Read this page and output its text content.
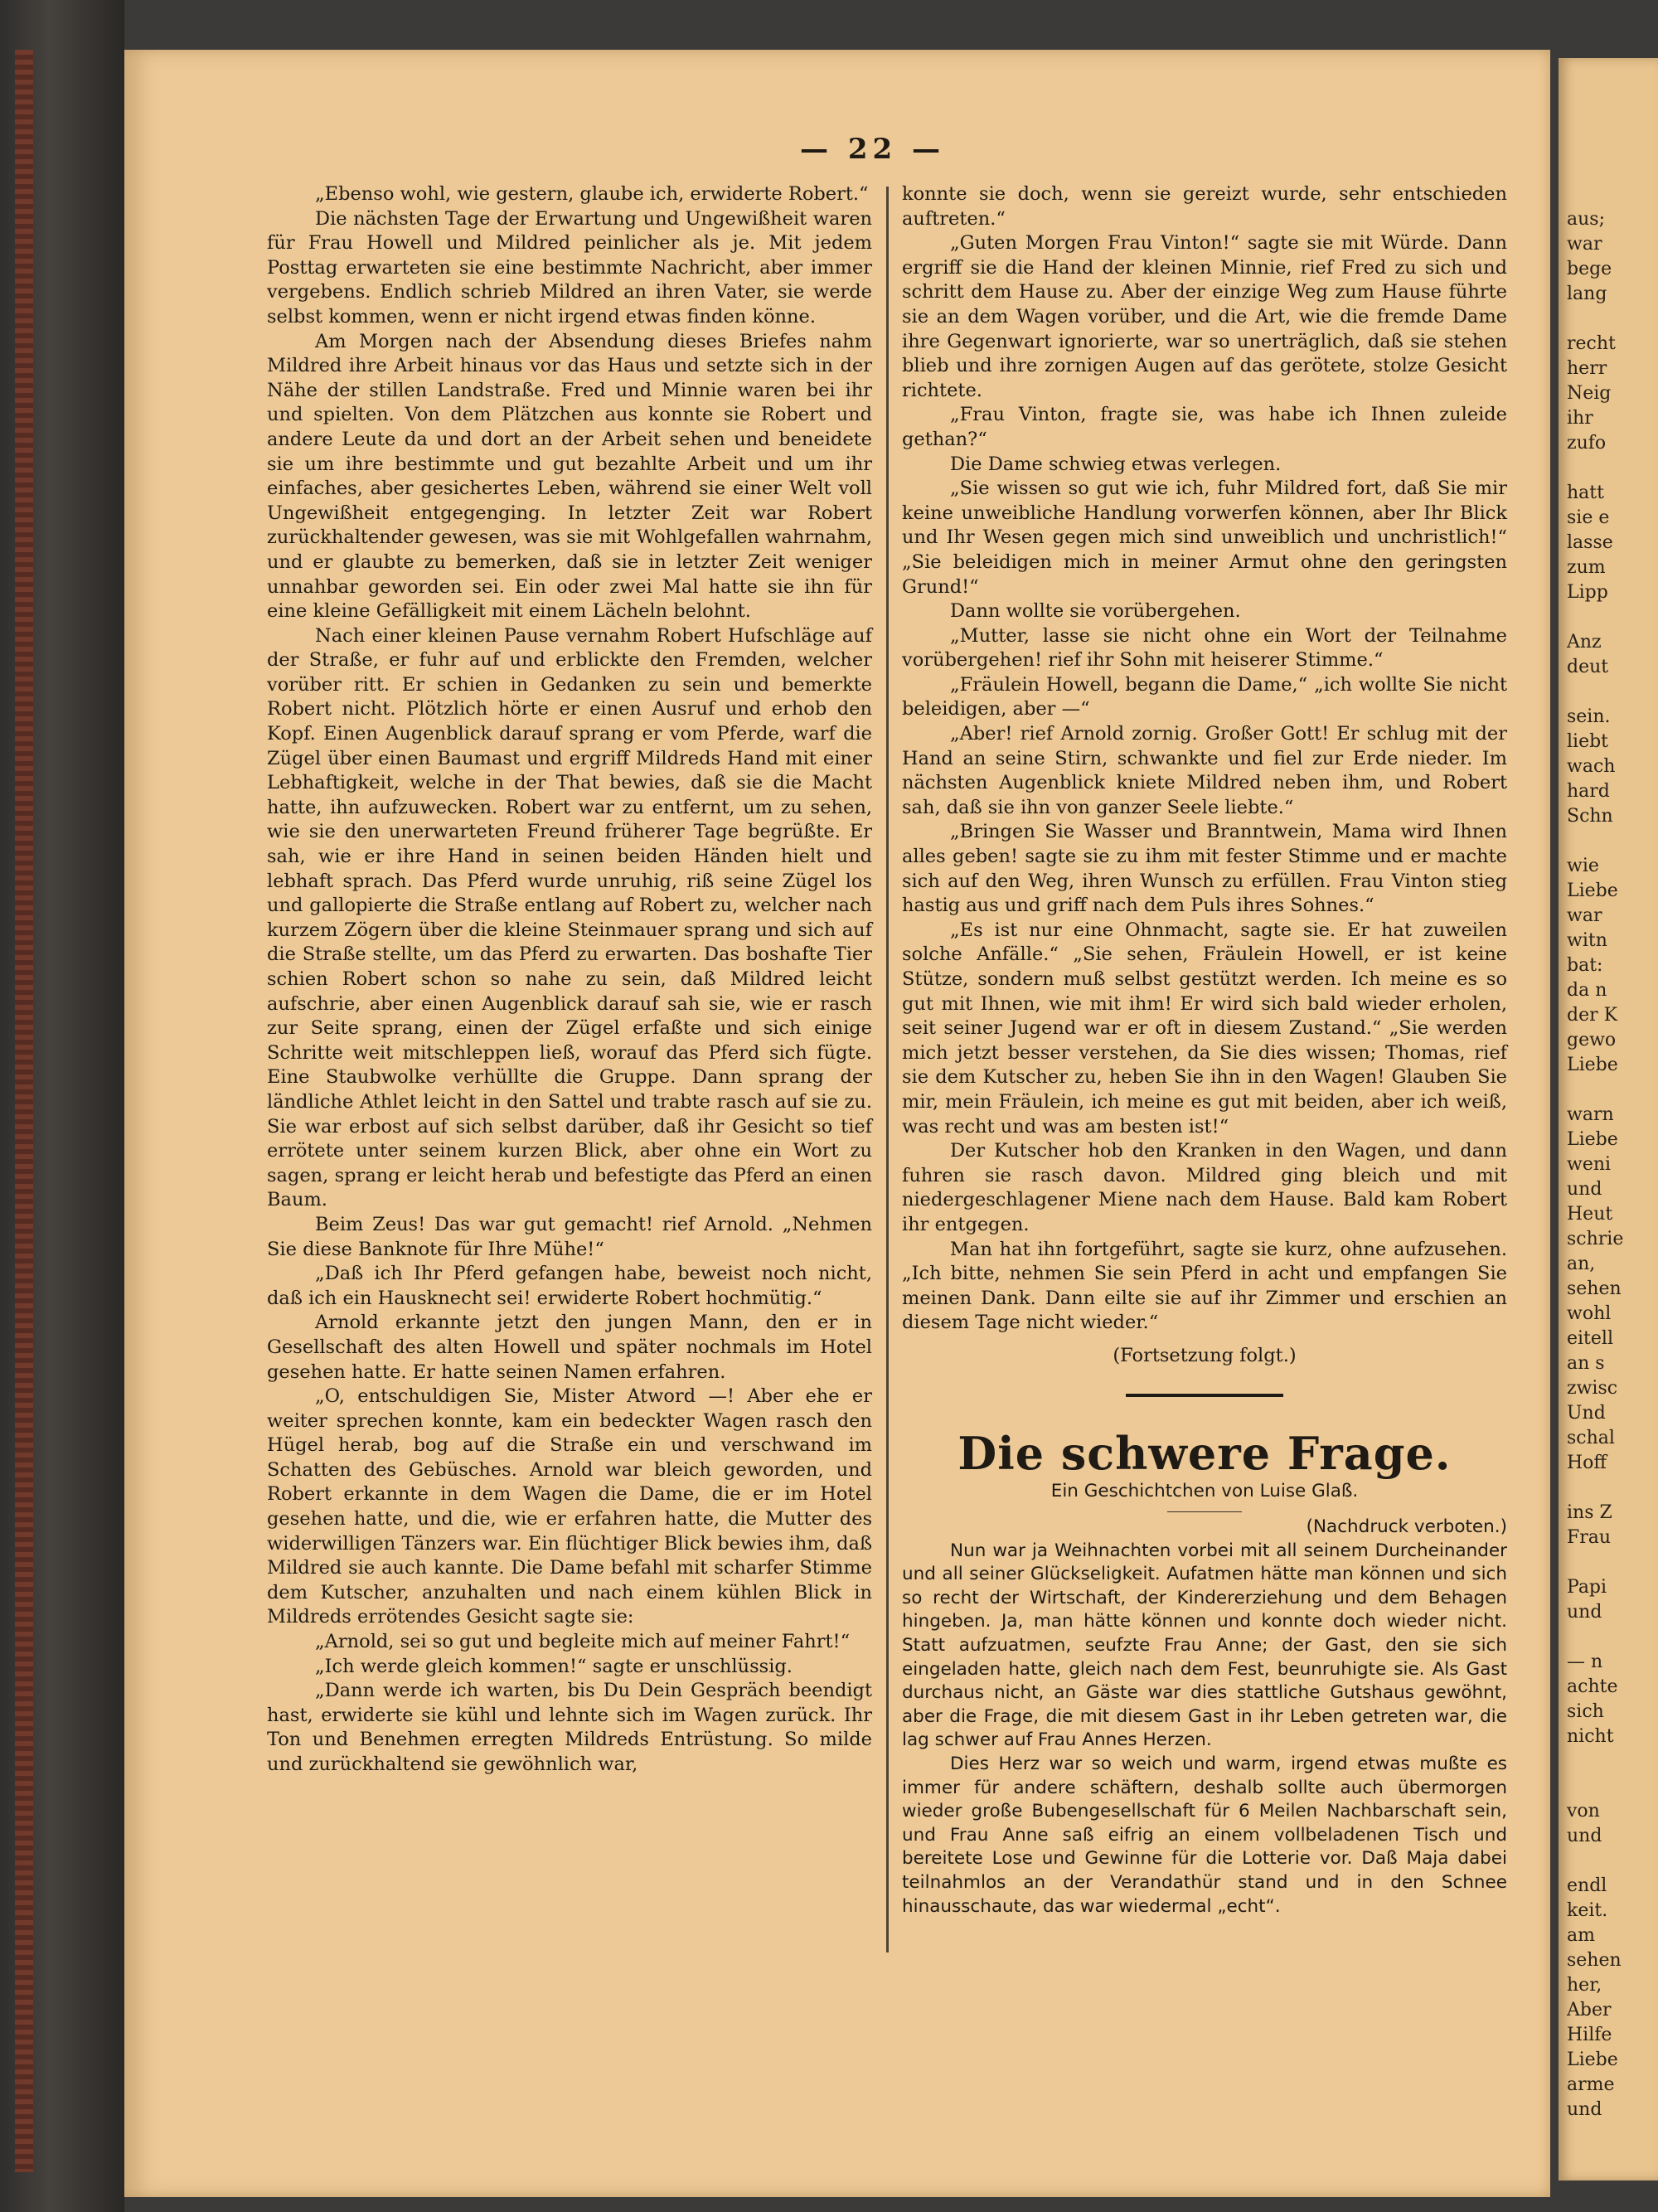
— 22 —

„Ebenso wohl, wie gestern, glaube ich, erwiderte Robert.“

Die nächsten Tage der Erwartung und Ungewißheit waren für Frau Howell und Mildred peinlicher als je. Mit jedem Posttag erwarteten sie eine bestimmte Nachricht, aber immer vergebens. Endlich schrieb Mildred an ihren Vater, sie werde selbst kommen, wenn er nicht irgend etwas finden könne.

Am Morgen nach der Absendung dieses Briefes nahm Mildred ihre Arbeit hinaus vor das Haus und setzte sich in der Nähe der stillen Landstraße. Fred und Minnie waren bei ihr und spielten. Von dem Plätzchen aus konnte sie Robert und andere Leute da und dort an der Arbeit sehen und beneidete sie um ihre bestimmte und gut bezahlte Arbeit und um ihr einfaches, aber gesichertes Leben, während sie einer Welt voll Ungewißheit entgegenging. In letzter Zeit war Robert zurückhaltender gewesen, was sie mit Wohlgefallen wahrnahm, und er glaubte zu bemerken, daß sie in letzter Zeit weniger unnahbar geworden sei. Ein oder zwei Mal hatte sie ihn für eine kleine Gefälligkeit mit einem Lächeln belohnt.

Nach einer kleinen Pause vernahm Robert Hufschläge auf der Straße, er fuhr auf und erblickte den Fremden, welcher vorüber ritt. Er schien in Gedanken zu sein und bemerkte Robert nicht. Plötzlich hörte er einen Ausruf und erhob den Kopf. Einen Augenblick darauf sprang er vom Pferde, warf die Zügel über einen Baumast und ergriff Mildreds Hand mit einer Lebhaftigkeit, welche in der That bewies, daß sie die Macht hatte, ihn aufzuwecken. Robert war zu entfernt, um zu sehen, wie sie den unerwarteten Freund früherer Tage begrüßte. Er sah, wie er ihre Hand in seinen beiden Händen hielt und lebhaft sprach. Das Pferd wurde unruhig, riß seine Zügel los und gallopierte die Straße entlang auf Robert zu, welcher nach kurzem Zögern über die kleine Steinmauer sprang und sich auf die Straße stellte, um das Pferd zu erwarten. Das boshafte Tier schien Robert schon so nahe zu sein, daß Mildred leicht aufschrie, aber einen Augenblick darauf sah sie, wie er rasch zur Seite sprang, einen der Zügel erfaßte und sich einige Schritte weit mitschleppen ließ, worauf das Pferd sich fügte. Eine Staubwolke verhüllte die Gruppe. Dann sprang der ländliche Athlet leicht in den Sattel und trabte rasch auf sie zu. Sie war erbost auf sich selbst darüber, daß ihr Gesicht so tief errötete unter seinem kurzen Blick, aber ohne ein Wort zu sagen, sprang er leicht herab und befestigte das Pferd an einen Baum.

Beim Zeus! Das war gut gemacht! rief Arnold. „Nehmen Sie diese Banknote für Ihre Mühe!“

„Daß ich Ihr Pferd gefangen habe, beweist noch nicht, daß ich ein Hausknecht sei! erwiderte Robert hochmütig.“

Arnold erkannte jetzt den jungen Mann, den er in Gesellschaft des alten Howell und später nochmals im Hotel gesehen hatte. Er hatte seinen Namen erfahren.

„O, entschuldigen Sie, Mister Atword —! Aber ehe er weiter sprechen konnte, kam ein bedeckter Wagen rasch den Hügel herab, bog auf die Straße ein und verschwand im Schatten des Gebüsches. Arnold war bleich geworden, und Robert erkannte in dem Wagen die Dame, die er im Hotel gesehen hatte, und die, wie er erfahren hatte, die Mutter des widerwilligen Tänzers war. Ein flüchtiger Blick bewies ihm, daß Mildred sie auch kannte. Die Dame befahl mit scharfer Stimme dem Kutscher, anzuhalten und nach einem kühlen Blick in Mildreds errötendes Gesicht sagte sie:

„Arnold, sei so gut und begleite mich auf meiner Fahrt!“

„Ich werde gleich kommen!“ sagte er unschlüssig.

„Dann werde ich warten, bis Du Dein Gespräch beendigt hast, erwiderte sie kühl und lehnte sich im Wagen zurück. Ihr Ton und Benehmen erregten Mildreds Entrüstung. So milde und zurückhaltend sie gewöhnlich war,

konnte sie doch, wenn sie gereizt wurde, sehr entschieden auftreten.“

„Guten Morgen Frau Vinton!“ sagte sie mit Würde. Dann ergriff sie die Hand der kleinen Minnie, rief Fred zu sich und schritt dem Hause zu. Aber der einzige Weg zum Hause führte sie an dem Wagen vorüber, und die Art, wie die fremde Dame ihre Gegenwart ignorierte, war so unerträglich, daß sie stehen blieb und ihre zornigen Augen auf das gerötete, stolze Gesicht richtete.

„Frau Vinton, fragte sie, was habe ich Ihnen zuleide gethan?“

Die Dame schwieg etwas verlegen.

„Sie wissen so gut wie ich, fuhr Mildred fort, daß Sie mir keine unweibliche Handlung vorwerfen können, aber Ihr Blick und Ihr Wesen gegen mich sind unweiblich und unchristlich!“ „Sie beleidigen mich in meiner Armut ohne den geringsten Grund!“

Dann wollte sie vorübergehen.

„Mutter, lasse sie nicht ohne ein Wort der Teilnahme vorübergehen! rief ihr Sohn mit heiserer Stimme.“

„Fräulein Howell, begann die Dame,“ „ich wollte Sie nicht beleidigen, aber —“

„Aber! rief Arnold zornig. Großer Gott! Er schlug mit der Hand an seine Stirn, schwankte und fiel zur Erde nieder. Im nächsten Augenblick kniete Mildred neben ihm, und Robert sah, daß sie ihn von ganzer Seele liebte.“

„Bringen Sie Wasser und Branntwein, Mama wird Ihnen alles geben! sagte sie zu ihm mit fester Stimme und er machte sich auf den Weg, ihren Wunsch zu erfüllen. Frau Vinton stieg hastig aus und griff nach dem Puls ihres Sohnes.“

„Es ist nur eine Ohnmacht, sagte sie. Er hat zuweilen solche Anfälle.“ „Sie sehen, Fräulein Howell, er ist keine Stütze, sondern muß selbst gestützt werden. Ich meine es so gut mit Ihnen, wie mit ihm! Er wird sich bald wieder erholen, seit seiner Jugend war er oft in diesem Zustand.“ „Sie werden mich jetzt besser verstehen, da Sie dies wissen; Thomas, rief sie dem Kutscher zu, heben Sie ihn in den Wagen! Glauben Sie mir, mein Fräulein, ich meine es gut mit beiden, aber ich weiß, was recht und was am besten ist!“

Der Kutscher hob den Kranken in den Wagen, und dann fuhren sie rasch davon. Mildred ging bleich und mit niedergeschlagener Miene nach dem Hause. Bald kam Robert ihr entgegen.

Man hat ihn fortgeführt, sagte sie kurz, ohne aufzusehen. „Ich bitte, nehmen Sie sein Pferd in acht und empfangen Sie meinen Dank. Dann eilte sie auf ihr Zimmer und erschien an diesem Tage nicht wieder.“

(Fortsetzung folgt.)

Die schwere Frage.

Ein Geschichtchen von Luise Glaß.

(Nachdruck verboten.)

Nun war ja Weihnachten vorbei mit all seinem Durcheinander und all seiner Glückseligkeit. Aufatmen hätte man können und sich so recht der Wirtschaft, der Kindererziehung und dem Behagen hingeben. Ja, man hätte können und konnte doch wieder nicht. Statt aufzuatmen, seufzte Frau Anne; der Gast, den sie sich eingeladen hatte, gleich nach dem Fest, beunruhigte sie. Als Gast durchaus nicht, an Gäste war dies stattliche Gutshaus gewöhnt, aber die Frage, die mit diesem Gast in ihr Leben getreten war, die lag schwer auf Frau Annes Herzen.

Dies Herz war so weich und warm, irgend etwas mußte es immer für andere schäftern, deshalb sollte auch übermorgen wieder große Bubengesellschaft für 6 Meilen Nachbarschaft sein, und Frau Anne saß eifrig an einem vollbeladenen Tisch und bereitete Lose und Gewinne für die Lotterie vor. Daß Maja dabei teilnahmlos an der Verandathür stand und in den Schnee hinausschaute, das war wiedermal „echt“.

aus;
war
bege
lang

recht
herr
Neig
ihr
zufo

hatt
sie e
lasse
zum
Lipp

Anz
deut

sein.
liebt
wach
hard
Schn

wie
Liebe
war
witn
bat:
da n
der K
gewo
Liebe

warn
Liebe
weni
und
Heut
schrie
an,
sehen
wohl
eitell
an s
zwisc
Und
schal
Hoff

ins Z
Frau

Papi
und

— n
achte
sich
nicht

von
und

endl
keit.
am
sehen
her,
Aber
Hilfe
Liebe
arme
und
